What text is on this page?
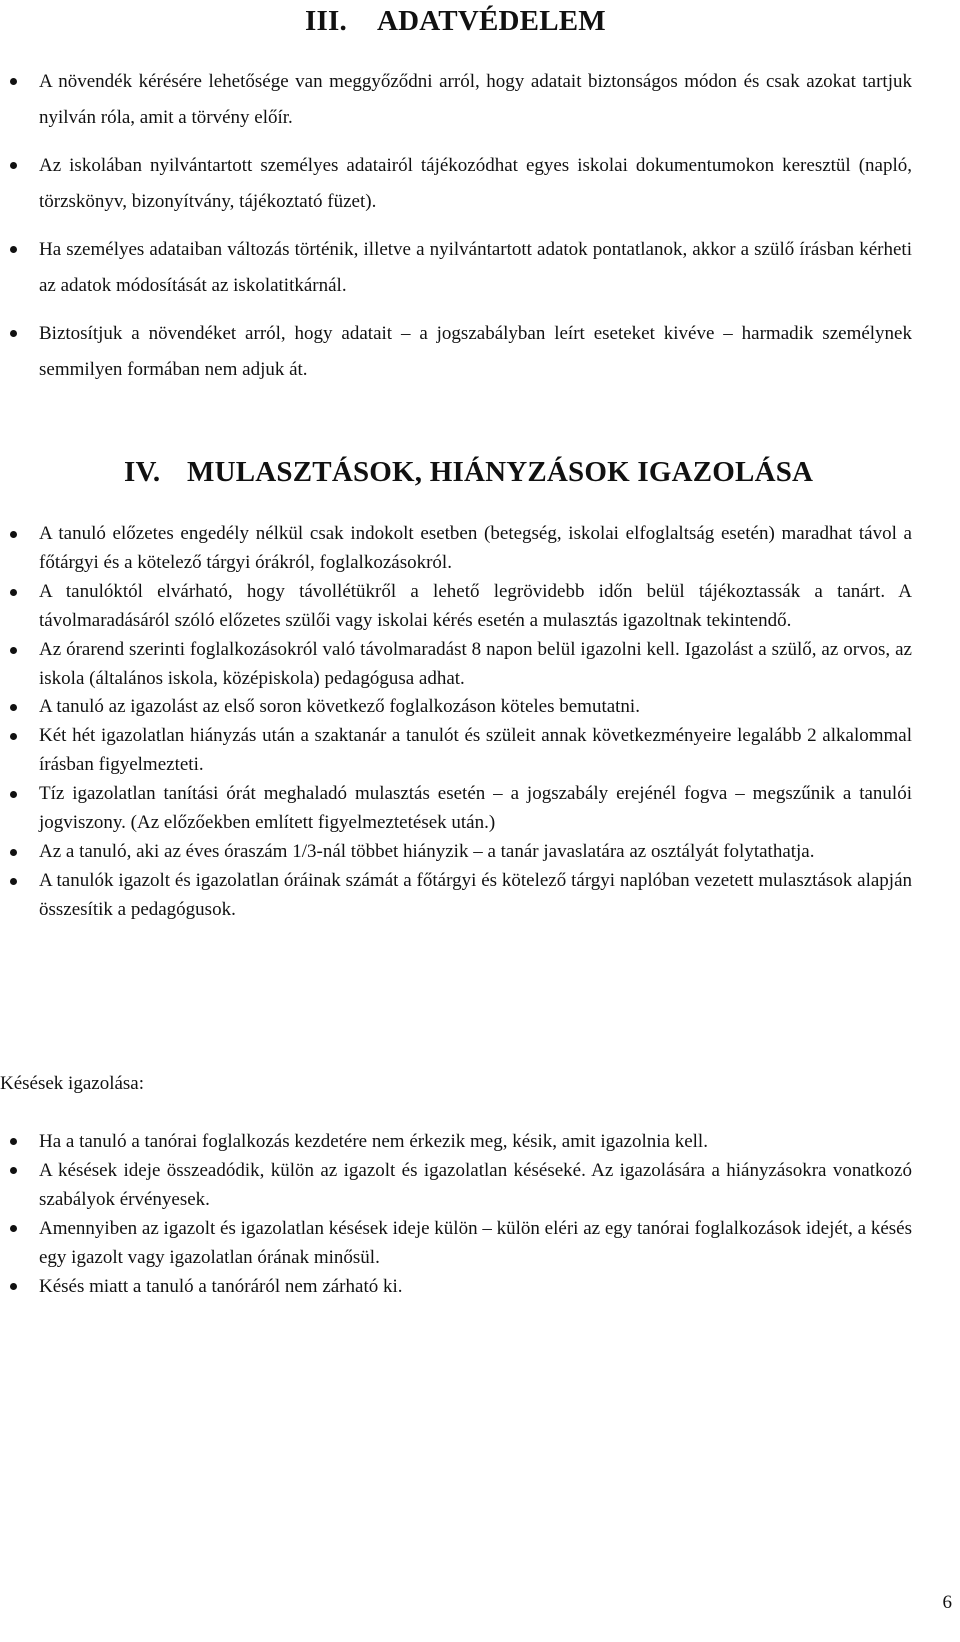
III. ADATVÉDELEM
A növendék kérésére lehetősége van meggyőződni arról, hogy adatait biztonságos módon és csak azokat tartjuk nyilván róla, amit a törvény előír.
Az iskolában nyilvántartott személyes adatairól tájékozódhat egyes iskolai dokumentumokon keresztül (napló, törzskönyv, bizonyítvány, tájékoztató füzet).
Ha személyes adataiban változás történik, illetve a nyilvántartott adatok pontatlanok, akkor a szülő írásban kérheti az adatok módosítását az iskolatitkárnál.
Biztosítjuk a növendéket arról, hogy adatait – a jogszabályban leírt eseteket kivéve – harmadik személynek semmilyen formában nem adjuk át.
IV. MULASZTÁSOK, HIÁNYZÁSOK IGAZOLÁSA
A tanuló előzetes engedély nélkül csak indokolt esetben (betegség, iskolai elfoglaltság esetén) maradhat távol a főtárgyi és a kötelező tárgyi órákról, foglalkozásokról.
A tanulóktól elvárható, hogy távollétükről a lehető legrövidebb időn belül tájékoztassák a tanárt. A távolmaradásáról szóló előzetes szülői vagy iskolai kérés esetén a mulasztás igazoltnak tekintendő.
Az órarend szerinti foglalkozásokról való távolmaradást 8 napon belül igazolni kell. Igazolást a szülő, az orvos, az iskola (általános iskola, középiskola) pedagógusa adhat.
A tanuló az igazolást az első soron következő foglalkozáson köteles bemutatni.
Két hét igazolatlan hiányzás után a szaktanár a tanulót és szüleit annak következményeire legalább 2 alkalommal írásban figyelmezteti.
Tíz igazolatlan tanítási órát meghaladó mulasztás esetén – a jogszabály erejénél fogva – megszűnik a tanulói jogviszony. (Az előzőekben említett figyelmeztetések után.)
Az a tanuló, aki az éves óraszám 1/3-nál többet hiányzik – a tanár javaslatára az osztályát folytathatja.
A tanulók igazolt és igazolatlan óráinak számát a főtárgyi és kötelező tárgyi naplóban vezetett mulasztások alapján összesítik a pedagógusok.
Késések igazolása:
Ha a tanuló a tanórai foglalkozás kezdetére nem érkezik meg, késik, amit igazolnia kell.
A késések ideje összeadódik, külön az igazolt és igazolatlan késéseké. Az igazolására a hiányzásokra vonatkozó szabályok érvényesek.
Amennyiben az igazolt és igazolatlan késések ideje külön – külön eléri az egy tanórai foglalkozások idejét, a késés egy igazolt vagy igazolatlan órának minősül.
Késés miatt a tanuló a tanóráról nem zárható ki.
6
